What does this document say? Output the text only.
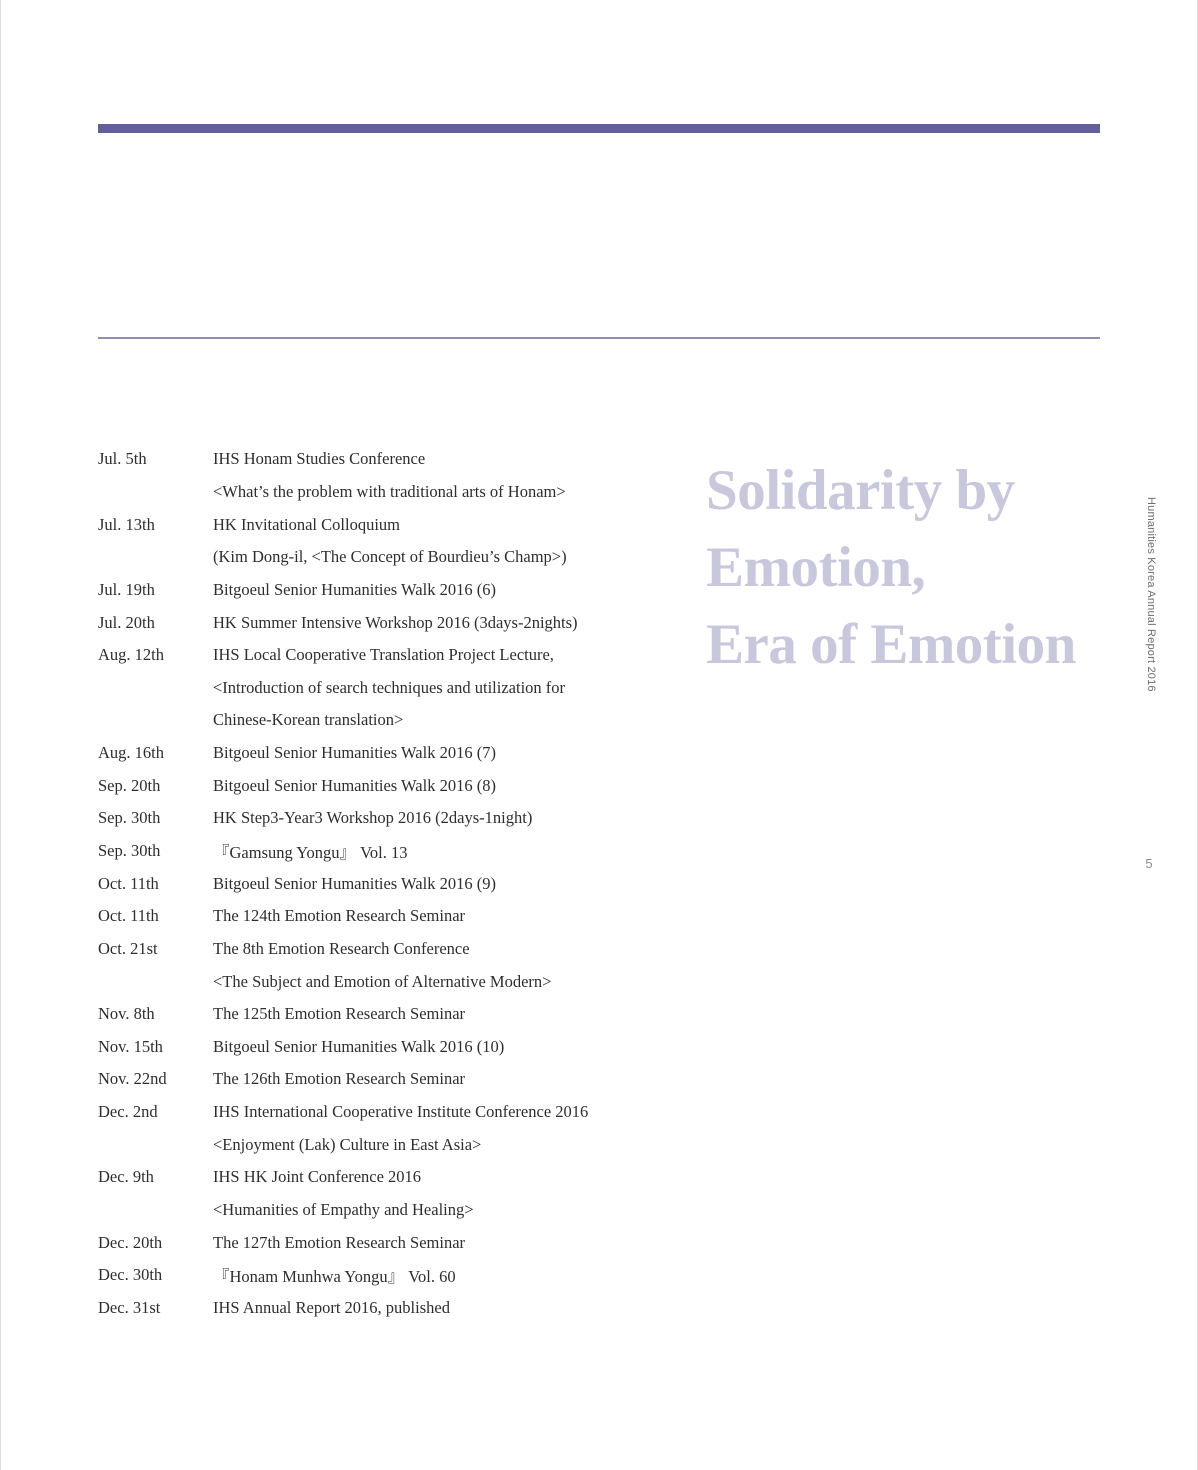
Jul. 5th	IHS Honam Studies Conference
<What’s the problem with traditional arts of Honam>
Jul. 13th	HK Invitational Colloquium
(Kim Dong-il, <The Concept of Bourdieu’s Champ>)
Jul. 19th	Bitgoeul Senior Humanities Walk 2016 (6)
Jul. 20th	HK Summer Intensive Workshop 2016 (3days-2nights)
Aug. 12th	IHS Local Cooperative Translation Project Lecture,
<Introduction of search techniques and utilization for
Chinese-Korean translation>
Aug. 16th	Bitgoeul Senior Humanities Walk 2016 (7)
Sep. 20th	Bitgoeul Senior Humanities Walk 2016 (8)
Sep. 30th	HK Step3-Year3 Workshop 2016 (2days-1night)
Sep. 30th	『Gamsung Yongu』 Vol. 13
Oct. 11th	Bitgoeul Senior Humanities Walk 2016 (9)
Oct. 11th	The 124th Emotion Research Seminar
Oct. 21st	The 8th Emotion Research Conference
<The Subject and Emotion of Alternative Modern>
Nov. 8th	The 125th Emotion Research Seminar
Nov. 15th	Bitgoeul Senior Humanities Walk 2016 (10)
Nov. 22nd	The 126th Emotion Research Seminar
Dec. 2nd	IHS International Cooperative Institute Conference 2016
<Enjoyment (Lak) Culture in East Asia>
Dec. 9th	IHS HK Joint Conference 2016
<Humanities of Empathy and Healing>
Dec. 20th	The 127th Emotion Research Seminar
Dec. 30th	『Honam Munhwa Yongu』 Vol. 60
Dec. 31st	IHS Annual Report 2016, published
Solidarity by
Emotion,
Era of Emotion	Humanities Korea Annual Report 2016
5
